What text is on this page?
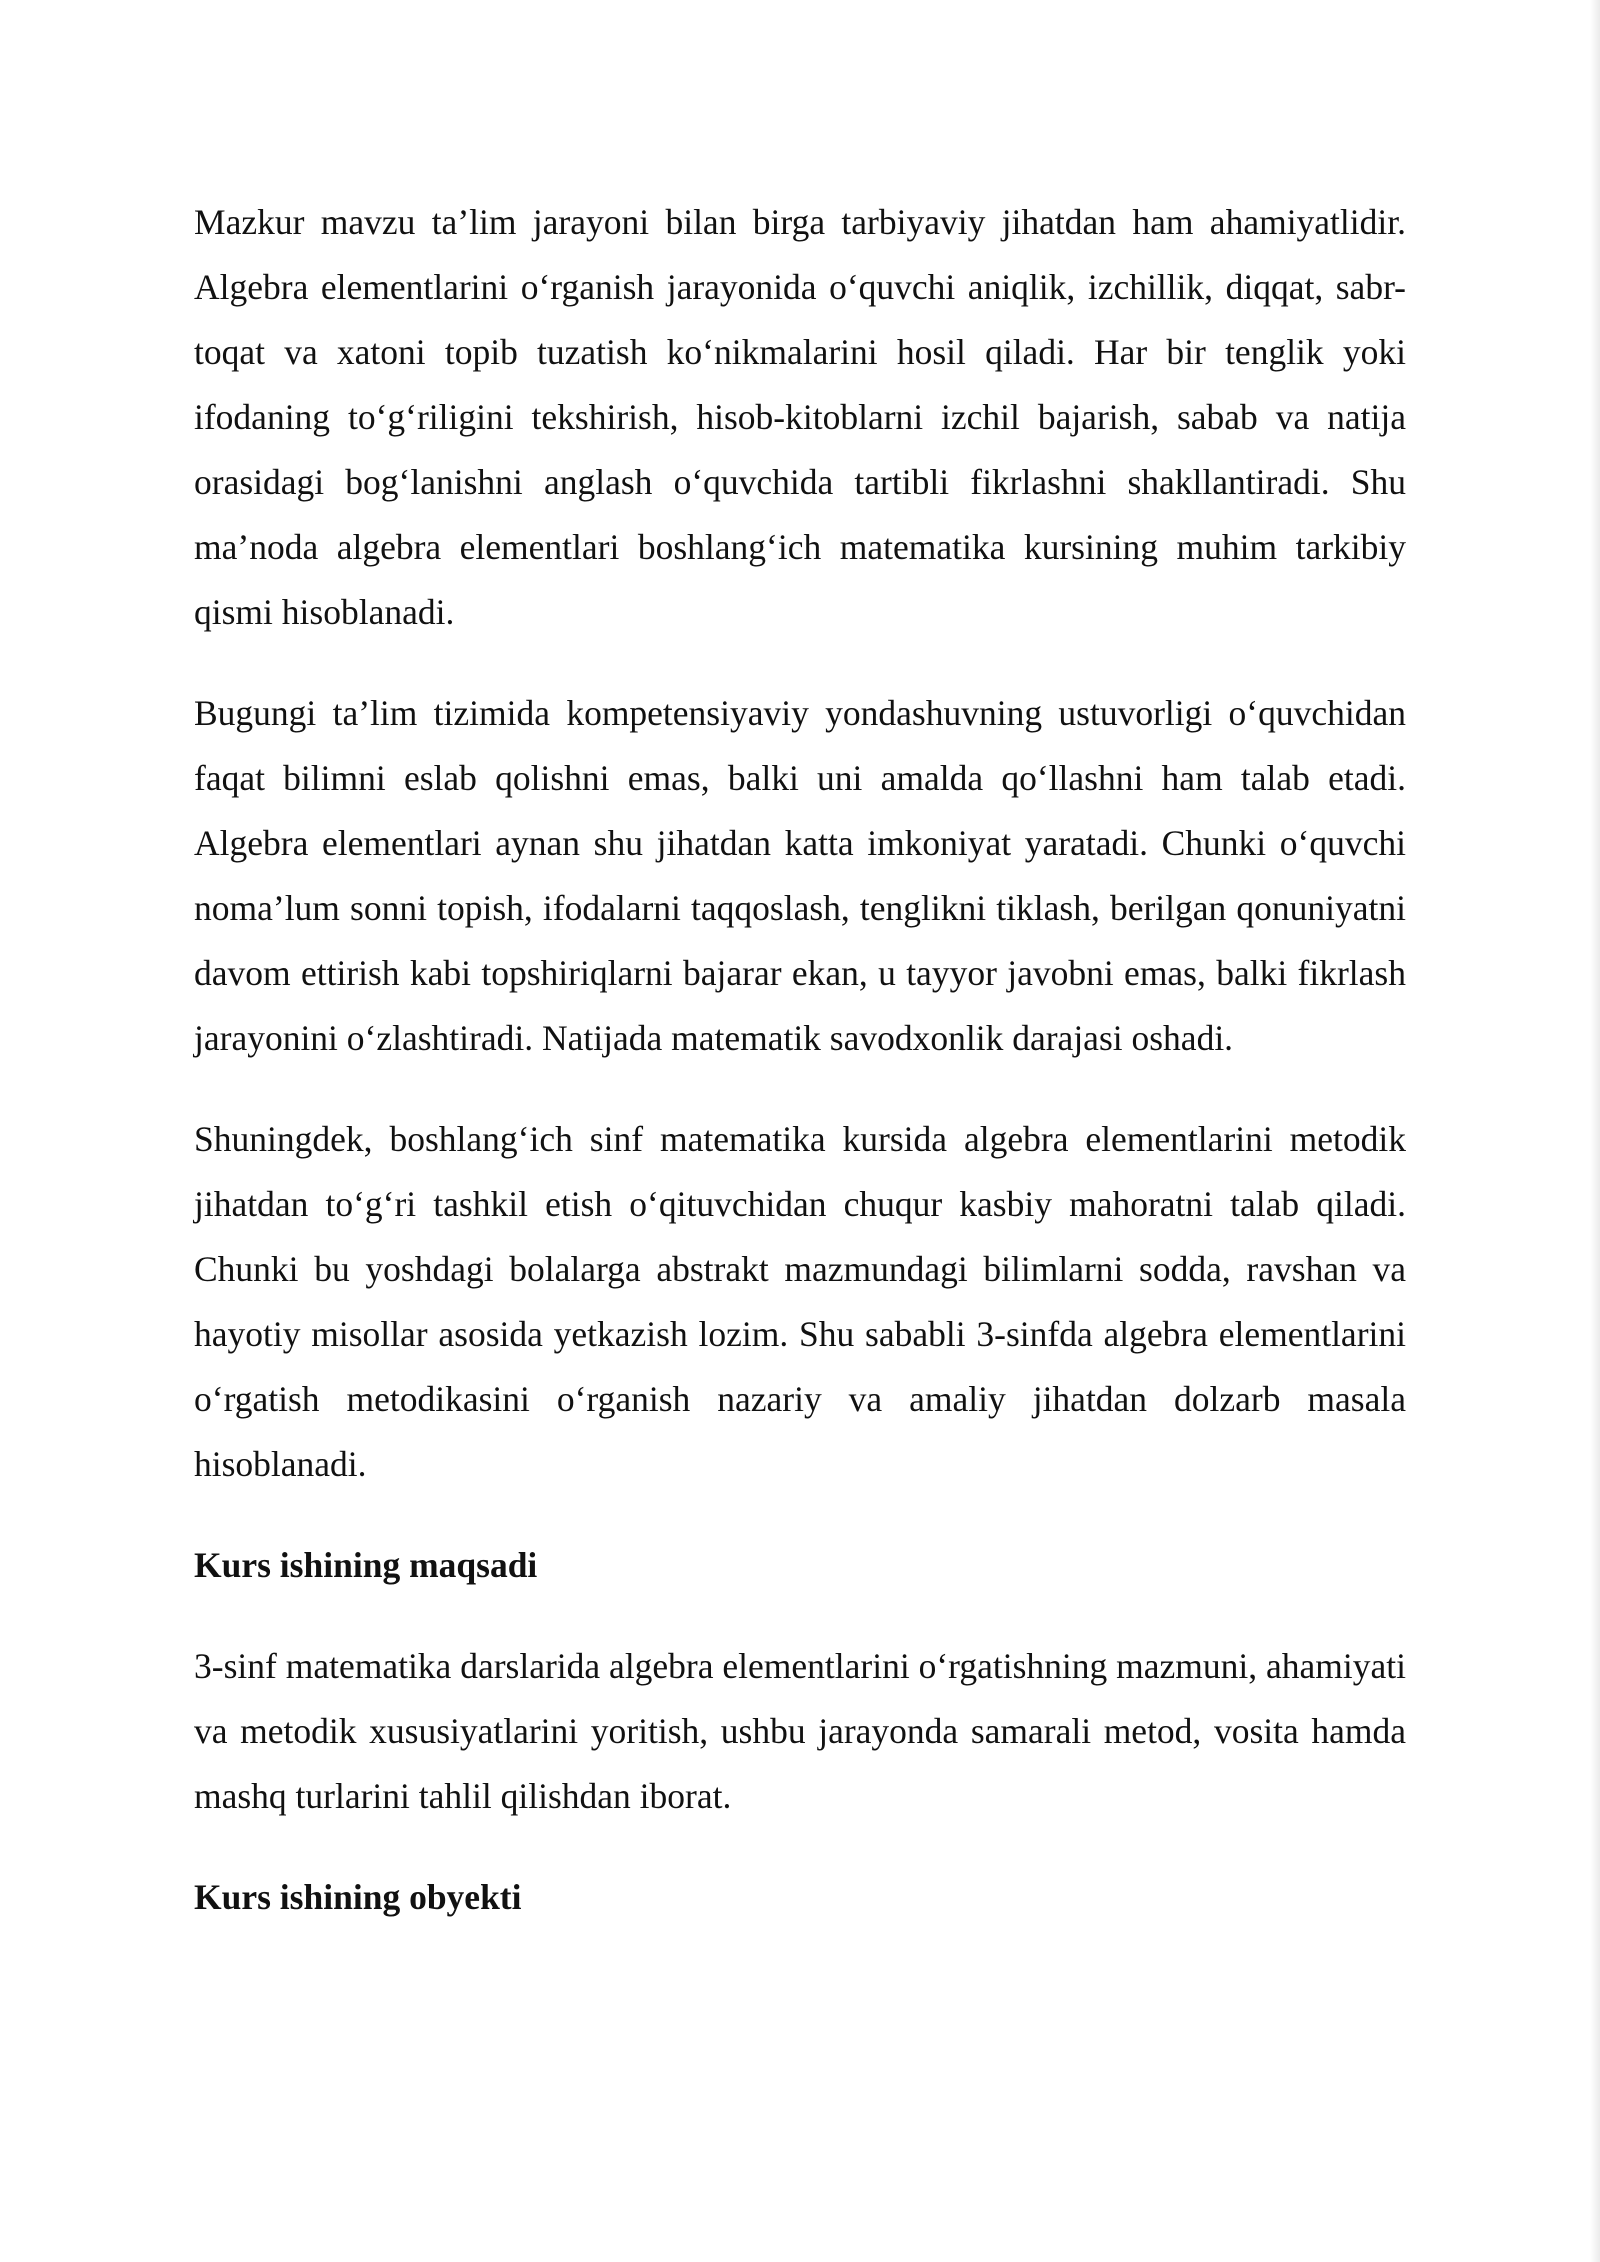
Mazkur mavzu ta’lim jarayoni bilan birga tarbiyaviy jihatdan ham ahamiyatlidir. Algebra elementlarini o‘rganish jarayonida o‘quvchi aniqlik, izchillik, diqqat, sabr-toqat va xatoni topib tuzatish ko‘nikmalarini hosil qiladi. Har bir tenglik yoki ifodaning to‘g‘riligini tekshirish, hisob-kitoblarni izchil bajarish, sabab va natija orasidagi bog‘lanishni anglash o‘quvchida tartibli fikrlashni shakllantiradi. Shu ma’noda algebra elementlari boshlang‘ich matematika kursining muhim tarkibiy qismi hisoblanadi.

Bugungi ta’lim tizimida kompetensiyaviy yondashuvning ustuvorligi o‘quvchidan faqat bilimni eslab qolishni emas, balki uni amalda qo‘llashni ham talab etadi. Algebra elementlari aynan shu jihatdan katta imkoniyat yaratadi. Chunki o‘quvchi noma’lum sonni topish, ifodalarni taqqoslash, tenglikni tiklash, berilgan qonuniyatni davom ettirish kabi topshiriqlarni bajarar ekan, u tayyor javobni emas, balki fikrlash jarayonini o‘zlashtiradi. Natijada matematik savodxonlik darajasi oshadi.

Shuningdek, boshlang‘ich sinf matematika kursida algebra elementlarini metodik jihatdan to‘g‘ri tashkil etish o‘qituvchidan chuqur kasbiy mahoratni talab qiladi. Chunki bu yoshdagi bolalarga abstrakt mazmundagi bilimlarni sodda, ravshan va hayotiy misollar asosida yetkazish lozim. Shu sababli 3-sinfda algebra elementlarini o‘rgatish metodikasini o‘rganish nazariy va amaliy jihatdan dolzarb masala hisoblanadi.

Kurs ishining maqsadi

3-sinf matematika darslarida algebra elementlarini o‘rgatishning mazmuni, ahamiyati va metodik xususiyatlarini yoritish, ushbu jarayonda samarali metod, vosita hamda mashq turlarini tahlil qilishdan iborat.

Kurs ishining obyekti
